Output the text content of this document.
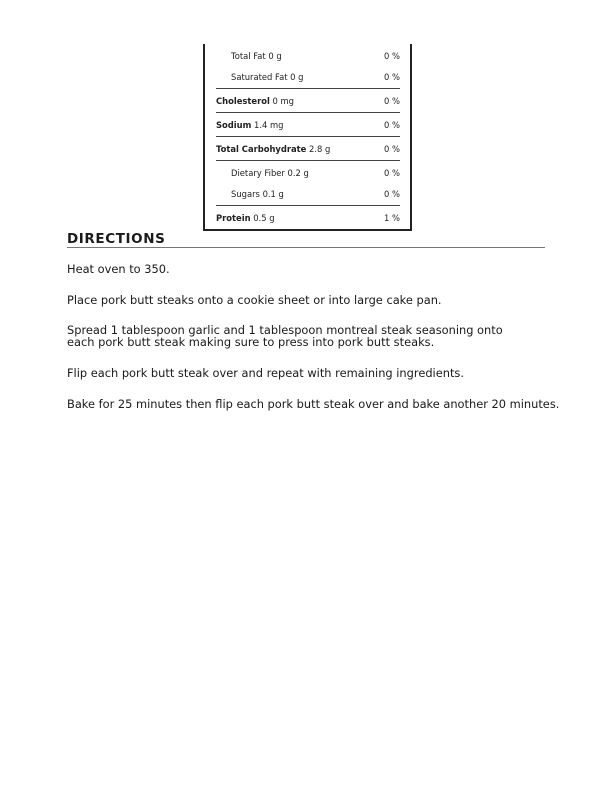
Total Fat 0 g	0 %
Saturated Fat 0 g	0 %
Cholesterol 0 mg	0 %
Sodium 1.4 mg	0 %
Total Carbohydrate 2.8 g	0 %
Dietary Fiber 0.2 g	0 %
Sugars 0.1 g	0 %
Protein 0.5 g	1 %
DIRECTIONS
Heat oven to 350.
Place pork butt steaks onto a cookie sheet or into large cake pan.
Spread 1 tablespoon garlic and 1 tablespoon montreal steak seasoning onto each pork butt steak making sure to press into pork butt steaks.
Flip each pork butt steak over and repeat with remaining ingredients.
Bake for 25 minutes then flip each pork butt steak over and bake another 20 minutes.
